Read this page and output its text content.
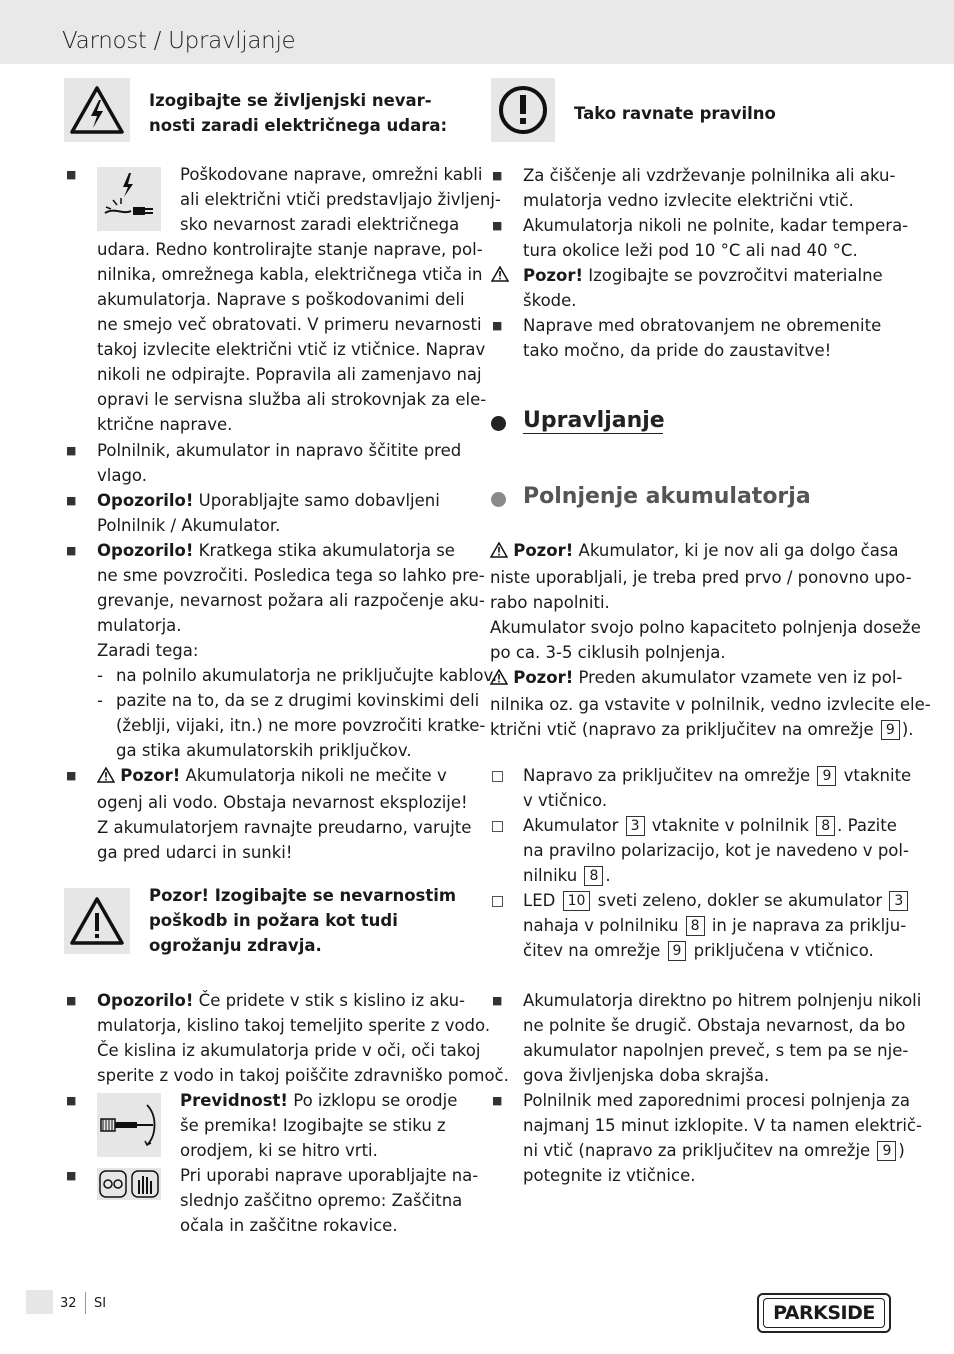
Varnost / Upravljanje
Izogibajte se življenjski nevar-
nosti zaradi električnega udara:
■	Poškodovane naprave, omrežni kabli
ali električni vtiči predstavljajo življenj-
sko nevarnost zaradi električnega
udara. Redno kontrolirajte stanje naprave, pol-
nilnika, omrežnega kabla, električnega vtiča in
akumulatorja. Naprave s poškodovanimi deli
ne smejo več obratovati. V primeru nevarnosti
takoj izvlecite električni vtič iz vtičnice. Naprav
nikoli ne odpirajte. Popravila ali zamenjavo naj
opravi le servisna služba ali strokovnjak za ele-
ktrične naprave.
■ Polnilnik, akumulator in napravo ščitite pred
vlago.
■ Opozorilo! Uporabljajte samo dobavljeni
Polnilnik / Akumulator.
■ Opozorilo! Kratkega stika akumulatorja se
ne sme povzročiti. Posledica tega so lahko pre-
grevanje, nevarnost požara ali razpočenje aku-
mulatorja.
Zaradi tega:
- na polnilo akumulatorja ne priključujte kablov.
- pazite na to, da se z drugimi kovinskimi deli
(žeblji, vijaki, itn.) ne more povzročiti kratke-
ga stika akumulatorskih priključkov.
■	Pozor! Akumulatorja nikoli ne mečite v
ogenj ali vodo. Obstaja nevarnost eksplozije!
Z akumulatorjem ravnajte preudarno, varujte
ga pred udarci in sunki!
Pozor! Izogibajte se nevarnostim
poškodb in požara kot tudi
ogrožanju zdravja.
■ Opozorilo! Če pridete v stik s kislino iz aku-
mulatorja, kislino takoj temeljito sperite z vodo.
Če kislina iz akumulatorja pride v oči, oči takoj
sperite z vodo in takoj poiščite zdravniško pomoč.
■	Previdnost! Po izklopu se orodje
še premika! Izogibajte se stiku z
orodjem, ki se hitro vrti.
■	Pri uporabi naprave uporabljajte na-
slednjo zaščitno opremo: Zaščitna
očala in zaščitne rokavice.
Tako ravnate pravilno
■ Za čiščenje ali vzdrževanje polnilnika ali aku-
mulatorja vedno izvlecite električni vtič.
■ Akumulatorja nikoli ne polnite, kadar tempera-
tura okolice leži pod 10 °C ali nad 40 °C.
Pozor! Izogibajte se povzročitvi materialne
škode.
■ Naprave med obratovanjem ne obremenite
tako močno, da pride do zaustavitve!
Upravljanje
Polnjenje akumulatorja
Pozor! Akumulator, ki je nov ali ga dolgo časa
niste uporabljali, je treba pred prvo / ponovno upo-
rabo napolniti.
Akumulator svojo polno kapaciteto polnjenja doseže
po ca. 3-5 ciklusih polnjenja.
Pozor! Preden akumulator vzamete ven iz pol-
nilnika oz. ga vstavite v polnilnik, vedno izvlecite ele-
ktrični vtič (napravo za priključitev na omrežje 9 ).
Napravo za priključitev na omrežje 9 vtaknite
v vtičnico.
Akumulator 3 vtaknite v polnilnik 8 . Pazite
na pravilno polarizacijo, kot je navedeno v pol-
nilniku 8 .
LED 10 sveti zeleno, dokler se akumulator 3
nahaja v polnilniku 8 in je naprava za priklju-
čitev na omrežje 9 priključena v vtičnico.
■ Akumulatorja direktno po hitrem polnjenju nikoli
ne polnite še drugič. Obstaja nevarnost, da bo
akumulator napolnjen preveč, s tem pa se nje-
gova življenjska doba skrajša.
■ Polnilnik med zaporednimi procesi polnjenja za
najmanj 15 minut izklopite. V ta namen električ-
ni vtič (napravo za priključitev na omrežje 9 )
potegnite iz vtičnice.
32 SI	PARKSIDE
